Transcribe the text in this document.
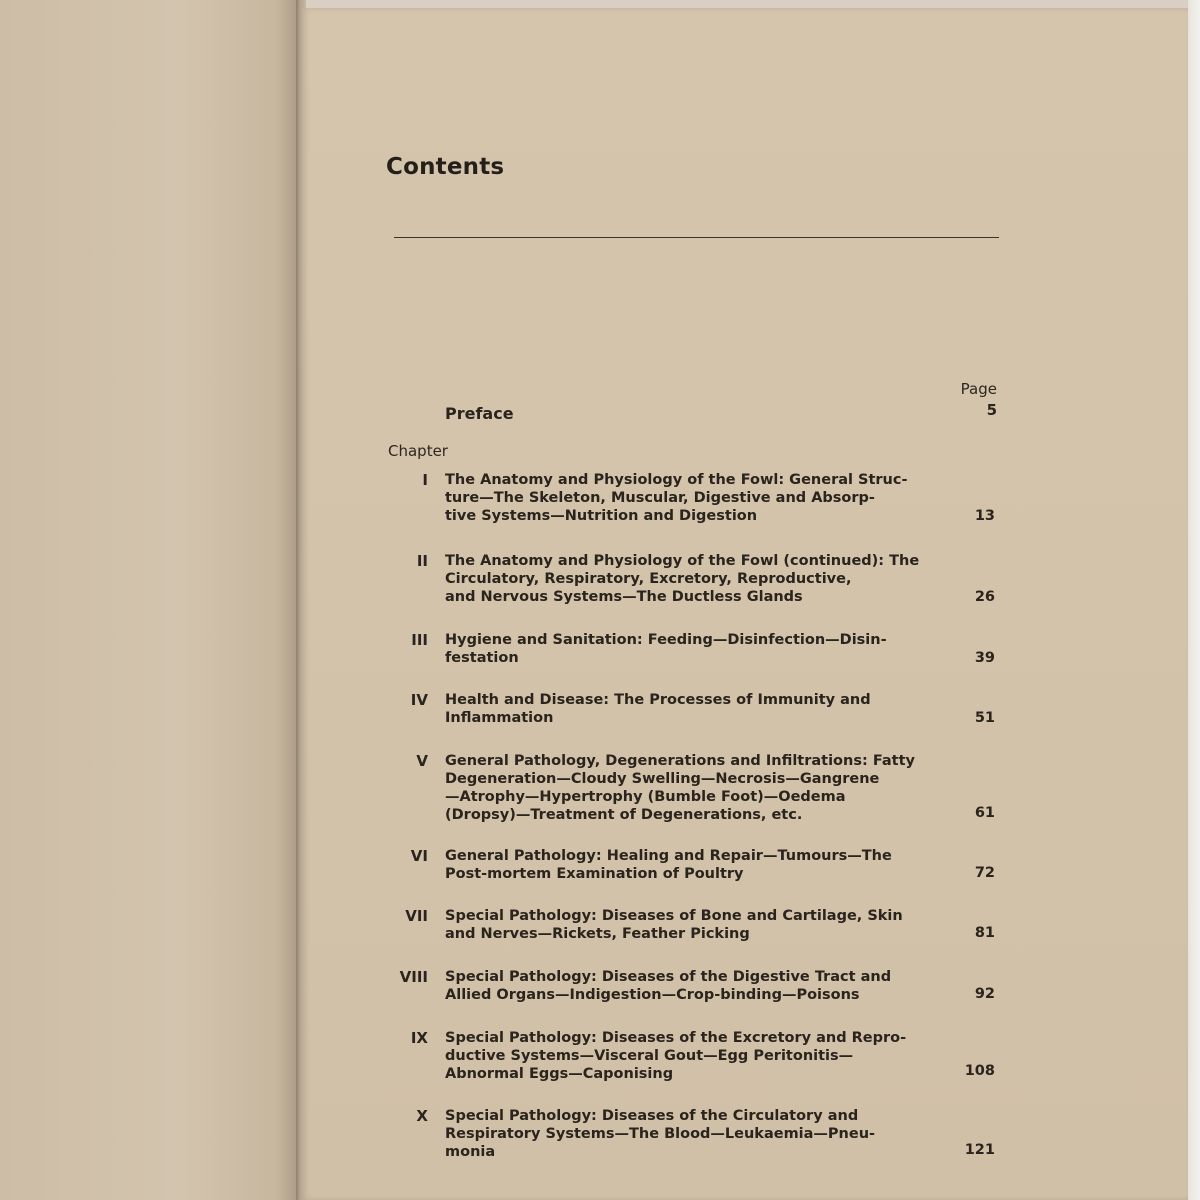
Contents
Page
Preface	5
Chapter
I The Anatomy and Physiology of the Fowl: General Struc-
ture—The Skeleton, Muscular, Digestive and Absorp-
tive Systems—Nutrition and Digestion	13
II The Anatomy and Physiology of the Fowl (continued): The
Circulatory, Respiratory, Excretory, Reproductive,
and Nervous Systems—The Ductless Glands	26
III Hygiene and Sanitation: Feeding—Disinfection—Disin-
festation	39
IV Health and Disease: The Processes of Immunity and
Inflammation	51
V General Pathology, Degenerations and Infiltrations: Fatty
Degeneration—Cloudy Swelling—Necrosis—Gangrene
—Atrophy—Hypertrophy (Bumble Foot)—Oedema
(Dropsy)—Treatment of Degenerations, etc.	61
VI General Pathology: Healing and Repair—Tumours—The
Post-mortem Examination of Poultry	72
VII Special Pathology: Diseases of Bone and Cartilage, Skin
and Nerves—Rickets, Feather Picking	81
VIII Special Pathology: Diseases of the Digestive Tract and
Allied Organs—Indigestion—Crop-binding—Poisons	92
IX Special Pathology: Diseases of the Excretory and Repro-
ductive Systems—Visceral Gout—Egg Peritonitis—
Abnormal Eggs—Caponising	108
X Special Pathology: Diseases of the Circulatory and
Respiratory Systems—The Blood—Leukaemia—Pneu-
monia	121
